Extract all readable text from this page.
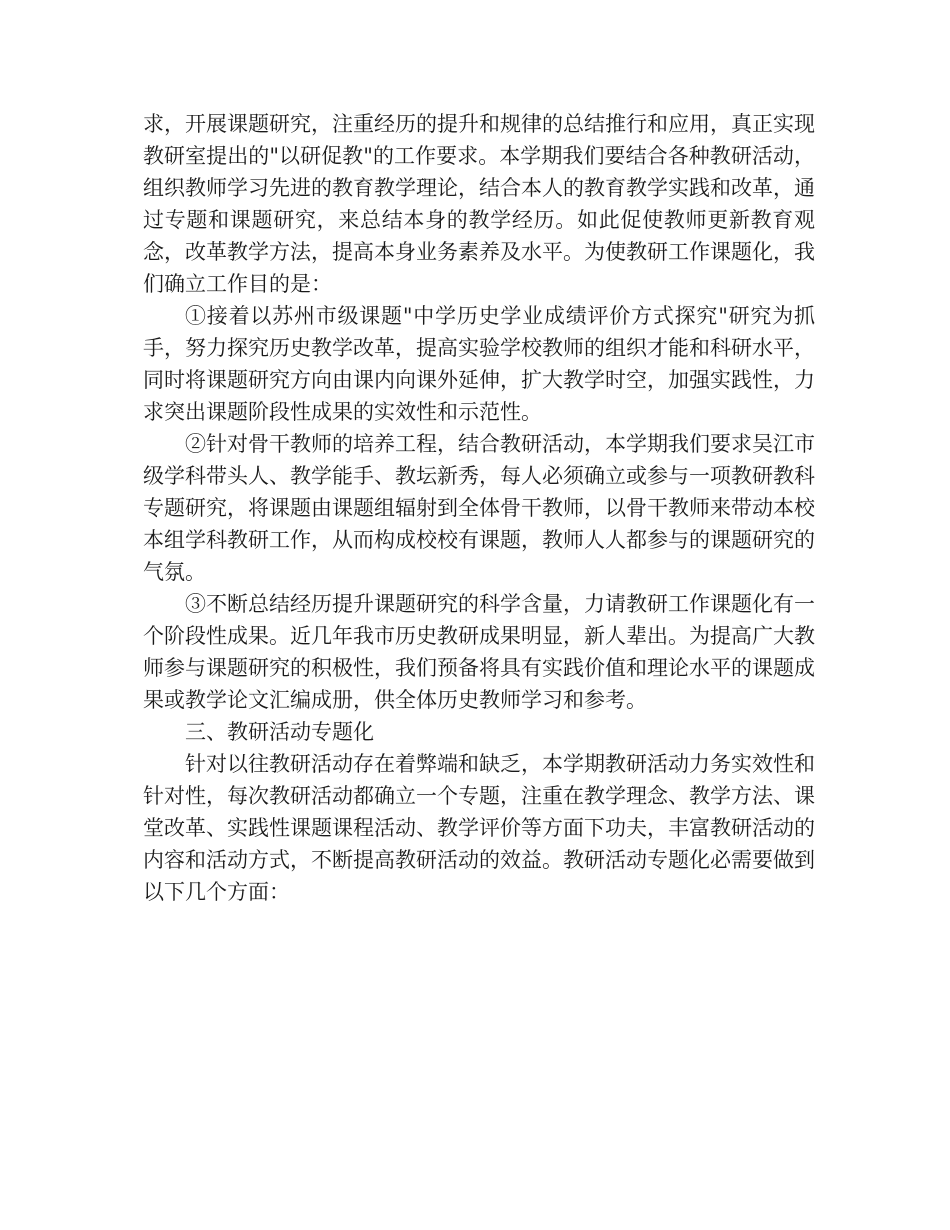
求，开展课题研究，注重经历的提升和规律的总结推行和应用，真正实现教研室提出的"以研促教"的工作要求。本学期我们要结合各种教研活动，组织教师学习先进的教育教学理论，结合本人的教育教学实践和改革，通过专题和课题研究，来总结本身的教学经历。如此促使教师更新教育观念，改革教学方法，提高本身业务素养及水平。为使教研工作课题化，我们确立工作目的是：

①接着以苏州市级课题"中学历史学业成绩评价方式探究"研究为抓手，努力探究历史教学改革，提高实验学校教师的组织才能和科研水平，同时将课题研究方向由课内向课外延伸，扩大教学时空，加强实践性，力求突出课题阶段性成果的实效性和示范性。

②针对骨干教师的培养工程，结合教研活动，本学期我们要求吴江市级学科带头人、教学能手、教坛新秀，每人必须确立或参与一项教研教科专题研究，将课题由课题组辐射到全体骨干教师，以骨干教师来带动本校本组学科教研工作，从而构成校校有课题，教师人人都参与的课题研究的气氛。

③不断总结经历提升课题研究的科学含量，力请教研工作课题化有一个阶段性成果。近几年我市历史教研成果明显，新人辈出。为提高广大教师参与课题研究的积极性，我们预备将具有实践价值和理论水平的课题成果或教学论文汇编成册，供全体历史教师学习和参考。

三、教研活动专题化

针对以往教研活动存在着弊端和缺乏，本学期教研活动力务实效性和针对性，每次教研活动都确立一个专题，注重在教学理念、教学方法、课堂改革、实践性课题课程活动、教学评价等方面下功夫，丰富教研活动的内容和活动方式，不断提高教研活动的效益。教研活动专题化必需要做到以下几个方面：
